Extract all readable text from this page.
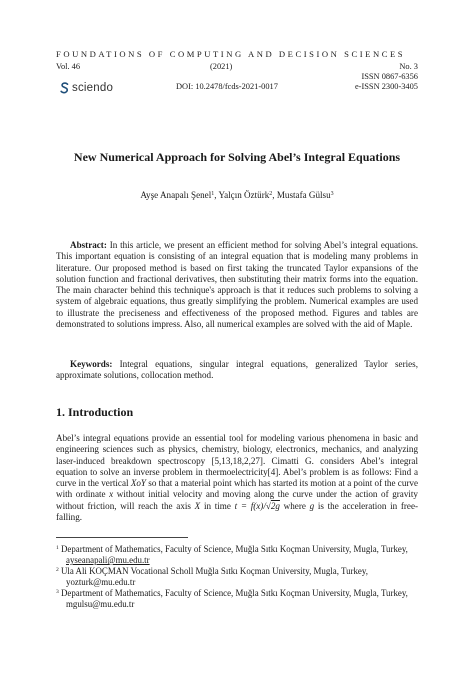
FOUNDATIONS OF COMPUTING AND DECISION SCIENCES
Vol. 46	(2021)	No. 3
ISSN 0867-6356
DOI: 10.2478/fcds-2021-0017	e-ISSN 2300-3405
sciendo
New Numerical Approach for Solving Abel’s Integral Equations
Ayşe Anapalı Şenel$^1$, Yalçın Öztürk$^2$, Mustafa Gülsu$^3$
Abstract: In this article, we present an efficient method for solving Abel’s integral equations. This important equation is consisting of an integral equation that is modeling many problems in literature. Our proposed method is based on first taking the truncated Taylor expansions of the solution function and fractional derivatives, then substituting their matrix forms into the equation. The main character behind this technique's approach is that it reduces such problems to solving a system of algebraic equations, thus greatly simplifying the problem. Numerical examples are used to illustrate the preciseness and effectiveness of the proposed method. Figures and tables are demonstrated to solutions impress. Also, all numerical examples are solved with the aid of Maple.
Keywords: Integral equations, singular integral equations, generalized Taylor series, approximate solutions, collocation method.
1. Introduction
Abel’s integral equations provide an essential tool for modeling various phenomena in basic and engineering sciences such as physics, chemistry, biology, electronics, mechanics, and analyzing laser-induced breakdown spectroscopy [5,13,18,2,27]. Cimatti G. considers Abel’s integral equation to solve an inverse problem in thermoelectricity[4]. Abel’s problem is as follows: Find a curve in the vertical XoY so that a material point which has started its motion at a point of the curve with ordinate x without initial velocity and moving along the curve under the action of gravity without friction, will reach the axis X in time t = f(x)/√2g where g is the acceleration in free-falling.
$^1$ Department of Mathematics, Faculty of Science, Muğla Sıtkı Koçman University, Mugla, Turkey, ayseanapali@mu.edu.tr
$^2$ Ula Ali KOÇMAN Vocational Scholl Muğla Sıtkı Koçman University, Mugla, Turkey, yozturk@mu.edu.tr
$^3$ Department of Mathematics, Faculty of Science, Muğla Sıtkı Koçman University, Mugla, Turkey, mgulsu@mu.edu.tr
